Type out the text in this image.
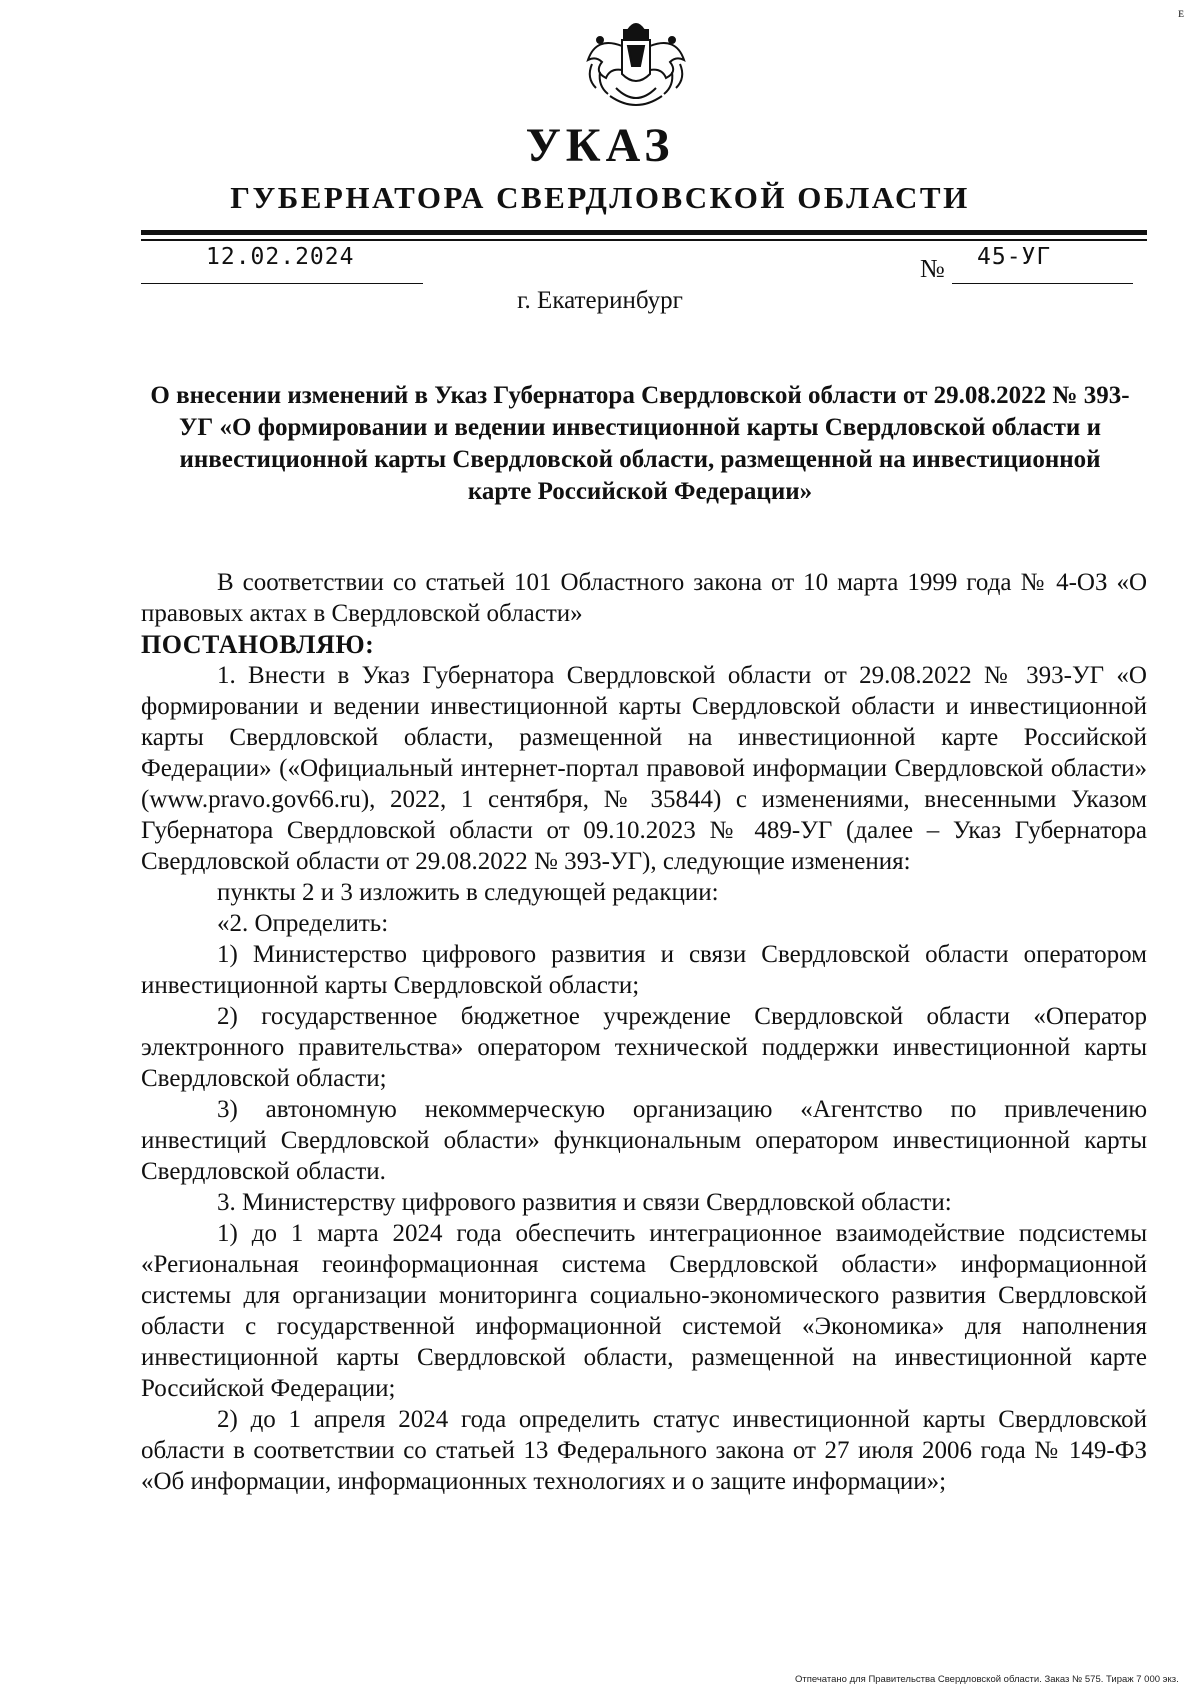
ᴇ
УКАЗ
ГУБЕРНАТОРА СВЕРДЛОВСКОЙ ОБЛАСТИ
12.02.2024	№ 45-УГ
г. Екатеринбург
О внесении изменений в Указ Губернатора Свердловской области от 29.08.2022 № 393-УГ «О формировании и ведении инвестиционной карты Свердловской области и инвестиционной карты Свердловской области, размещенной на инвестиционной карте Российской Федерации»

В соответствии со статьей 101 Областного закона от 10 марта 1999 года № 4-ОЗ «О правовых актах в Свердловской области»

ПОСТАНОВЛЯЮ:

1. Внести в Указ Губернатора Свердловской области от 29.08.2022 № 393-УГ «О формировании и ведении инвестиционной карты Свердловской области и инвестиционной карты Свердловской области, размещенной на инвестиционной карте Российской Федерации» («Официальный интернет-портал правовой информации Свердловской области» (www.pravo.gov66.ru), 2022, 1 сентября, № 35844) с изменениями, внесенными Указом Губернатора Свердловской области от 09.10.2023 № 489-УГ (далее – Указ Губернатора Свердловской области от 29.08.2022 № 393-УГ), следующие изменения:

пункты 2 и 3 изложить в следующей редакции:

«2. Определить:

1) Министерство цифрового развития и связи Свердловской области оператором инвестиционной карты Свердловской области;

2) государственное бюджетное учреждение Свердловской области «Оператор электронного правительства» оператором технической поддержки инвестиционной карты Свердловской области;

3) автономную некоммерческую организацию «Агентство по привлечению инвестиций Свердловской области» функциональным оператором инвестиционной карты Свердловской области.

3. Министерству цифрового развития и связи Свердловской области:

1) до 1 марта 2024 года обеспечить интеграционное взаимодействие подсистемы «Региональная геоинформационная система Свердловской области» информационной системы для организации мониторинга социально-экономического развития Свердловской области с государственной информационной системой «Экономика» для наполнения инвестиционной карты Свердловской области, размещенной на инвестиционной карте Российской Федерации;

2) до 1 апреля 2024 года определить статус инвестиционной карты Свердловской области в соответствии со статьей 13 Федерального закона от 27 июля 2006 года № 149-ФЗ «Об информации, информационных технологиях и о защите информации»;

Отпечатано для Правительства Свердловской области. Заказ № 575. Тираж 7 000 экз.
